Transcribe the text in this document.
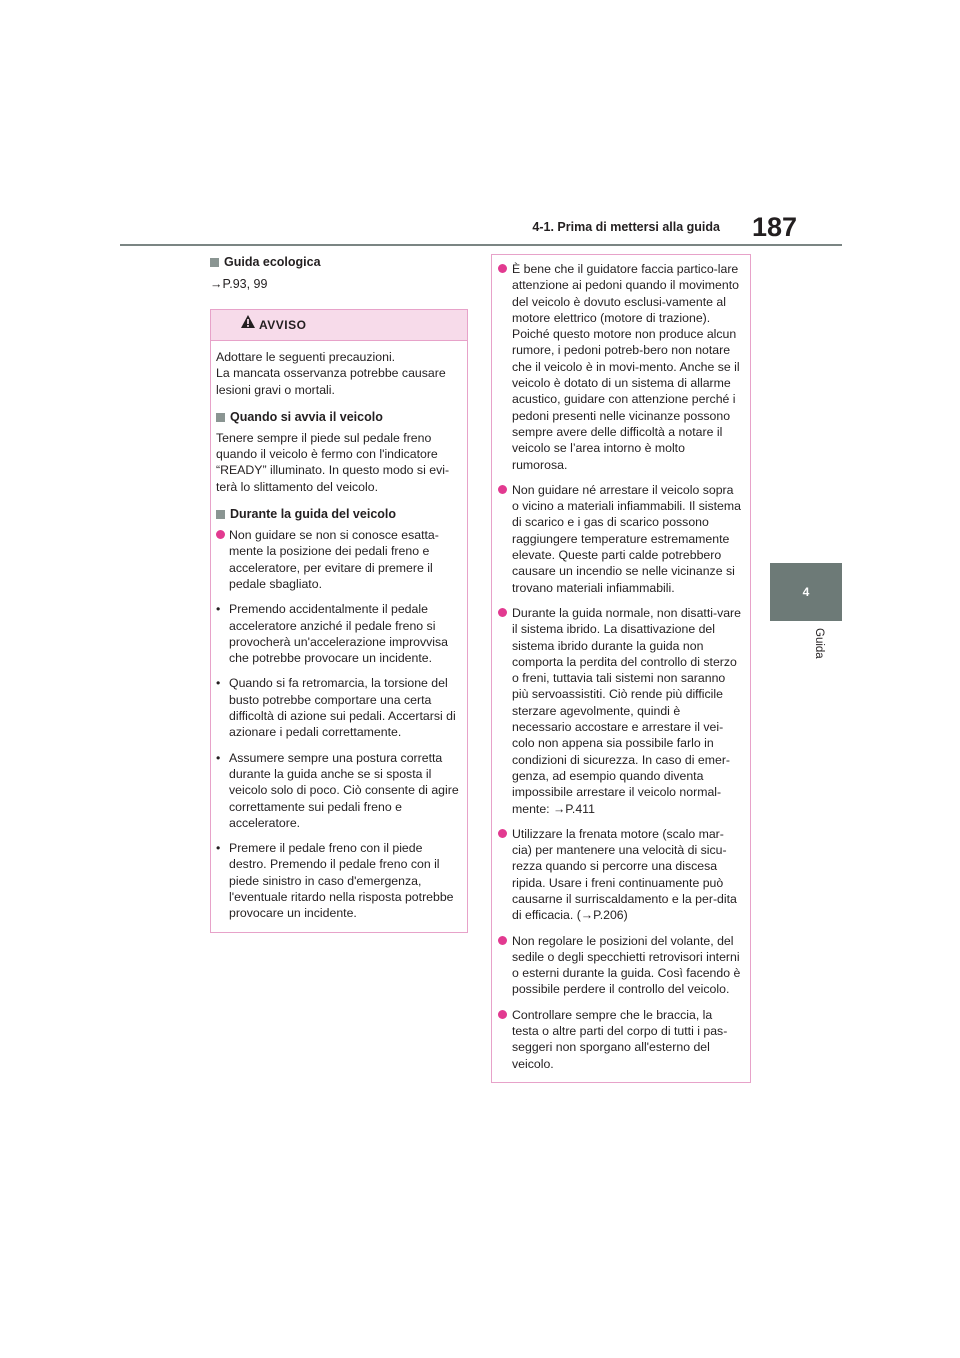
4-1. Prima di mettersi alla guida	187
4
Guida
Guida ecologica
→P.93, 99
AVVISO
Adottare le seguenti precauzioni.
La mancata osservanza potrebbe causare lesioni gravi o mortali.
Quando si avvia il veicolo
Tenere sempre il piede sul pedale freno quando il veicolo è fermo con l'indicatore “READY” illuminato. In questo modo si evi-terà lo slittamento del veicolo.
Durante la guida del veicolo
Non guidare se non si conosce esatta-mente la posizione dei pedali freno e acceleratore, per evitare di premere il pedale sbagliato.
• Premendo accidentalmente il pedale acceleratore anziché il pedale freno si provocherà un'accelerazione improvvisa che potrebbe provocare un incidente.
• Quando si fa retromarcia, la torsione del busto potrebbe comportare una certa difficoltà di azione sui pedali. Accertarsi di azionare i pedali correttamente.
• Assumere sempre una postura corretta durante la guida anche se si sposta il veicolo solo di poco. Ciò consente di agire correttamente sui pedali freno e acceleratore.
• Premere il pedale freno con il piede destro. Premendo il pedale freno con il piede sinistro in caso d'emergenza, l'eventuale ritardo nella risposta potrebbe provocare un incidente.
È bene che il guidatore faccia partico-lare attenzione ai pedoni quando il movimento del veicolo è dovuto esclusi-vamente al motore elettrico (motore di trazione). Poiché questo motore non produce alcun rumore, i pedoni potreb-bero non notare che il veicolo è in movi-mento. Anche se il veicolo è dotato di un sistema di allarme acustico, guidare con attenzione perché i pedoni presenti nelle vicinanze possono sempre avere delle difficoltà a notare il veicolo se l’area intorno è molto rumorosa.
Non guidare né arrestare il veicolo sopra o vicino a materiali infiammabili. Il sistema di scarico e i gas di scarico possono raggiungere temperature estremamente elevate. Queste parti calde potrebbero causare un incendio se nelle vicinanze si trovano materiali infiammabili.
Durante la guida normale, non disatti-vare il sistema ibrido. La disattivazione del sistema ibrido durante la guida non comporta la perdita del controllo di sterzo o freni, tuttavia tali sistemi non saranno più servoassistiti. Ciò rende più difficile sterzare agevolmente, quindi è necessario accostare e arrestare il vei-colo non appena sia possibile farlo in condizioni di sicurezza. In caso di emer-genza, ad esempio quando diventa impossibile arrestare il veicolo normal-mente: →P.411
Utilizzare la frenata motore (scalo mar-cia) per mantenere una velocità di sicu-rezza quando si percorre una discesa ripida. Usare i freni continuamente può causarne il surriscaldamento e la per-dita di efficacia. (→P.206)
Non regolare le posizioni del volante, del sedile o degli specchietti retrovisori interni o esterni durante la guida. Così facendo è possibile perdere il controllo del veicolo.
Controllare sempre che le braccia, la testa o altre parti del corpo di tutti i pas-seggeri non sporgano all'esterno del veicolo.
